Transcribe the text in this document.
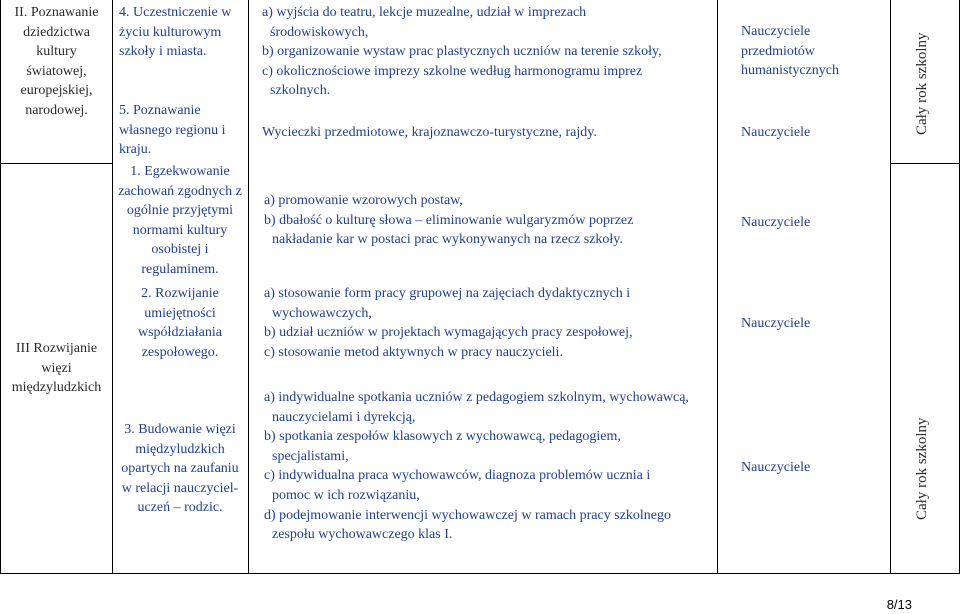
II. Poznawanie
dziedzictwa
kultury
światowej,
europejskiej,
narodowej.
III Rozwijanie
więzi
międzyludzkich
4. Uczestniczenie w
życiu kulturowym
szkoły i miasta.
5. Poznawanie
własnego regionu i
kraju.
1. Egzekwowanie
zachowań zgodnych z
ogólnie przyjętymi
normami kultury
osobistej i
regulaminem.
2. Rozwijanie
umiejętności
współdziałania
zespołowego.
3. Budowanie więzi
międzyludzkich
opartych na zaufaniu
w relacji nauczyciel-
uczeń – rodzic.
a) wyjścia do teatru, lekcje muzealne, udział w imprezach
środowiskowych,
b) organizowanie wystaw prac plastycznych uczniów na terenie szkoły,
c) okolicznościowe imprezy szkolne według harmonogramu imprez
szkolnych.
Wycieczki przedmiotowe, krajoznawczo-turystyczne, rajdy.
a) promowanie wzorowych postaw,
b) dbałość o kulturę słowa – eliminowanie wulgaryzmów poprzez
nakładanie kar w postaci prac wykonywanych na rzecz szkoły.
a) stosowanie form pracy grupowej na zajęciach dydaktycznych i
wychowawczych,
b) udział uczniów w projektach wymagających pracy zespołowej,
c) stosowanie metod aktywnych w pracy nauczycieli.
a) indywidualne spotkania uczniów z pedagogiem szkolnym, wychowawcą,
nauczycielami i dyrekcją,
b) spotkania zespołów klasowych z wychowawcą, pedagogiem,
specjalistami,
c) indywidualna praca wychowawców, diagnoza problemów ucznia i
pomoc w ich rozwiązaniu,
d) podejmowanie interwencji wychowawczej w ramach pracy szkolnego
zespołu wychowawczego klas I.
Nauczyciele
przedmiotów
humanistycznych
Nauczyciele
Nauczyciele
Nauczyciele
Nauczyciele
Cały rok szkolny
Cały rok szkolny
8/13
